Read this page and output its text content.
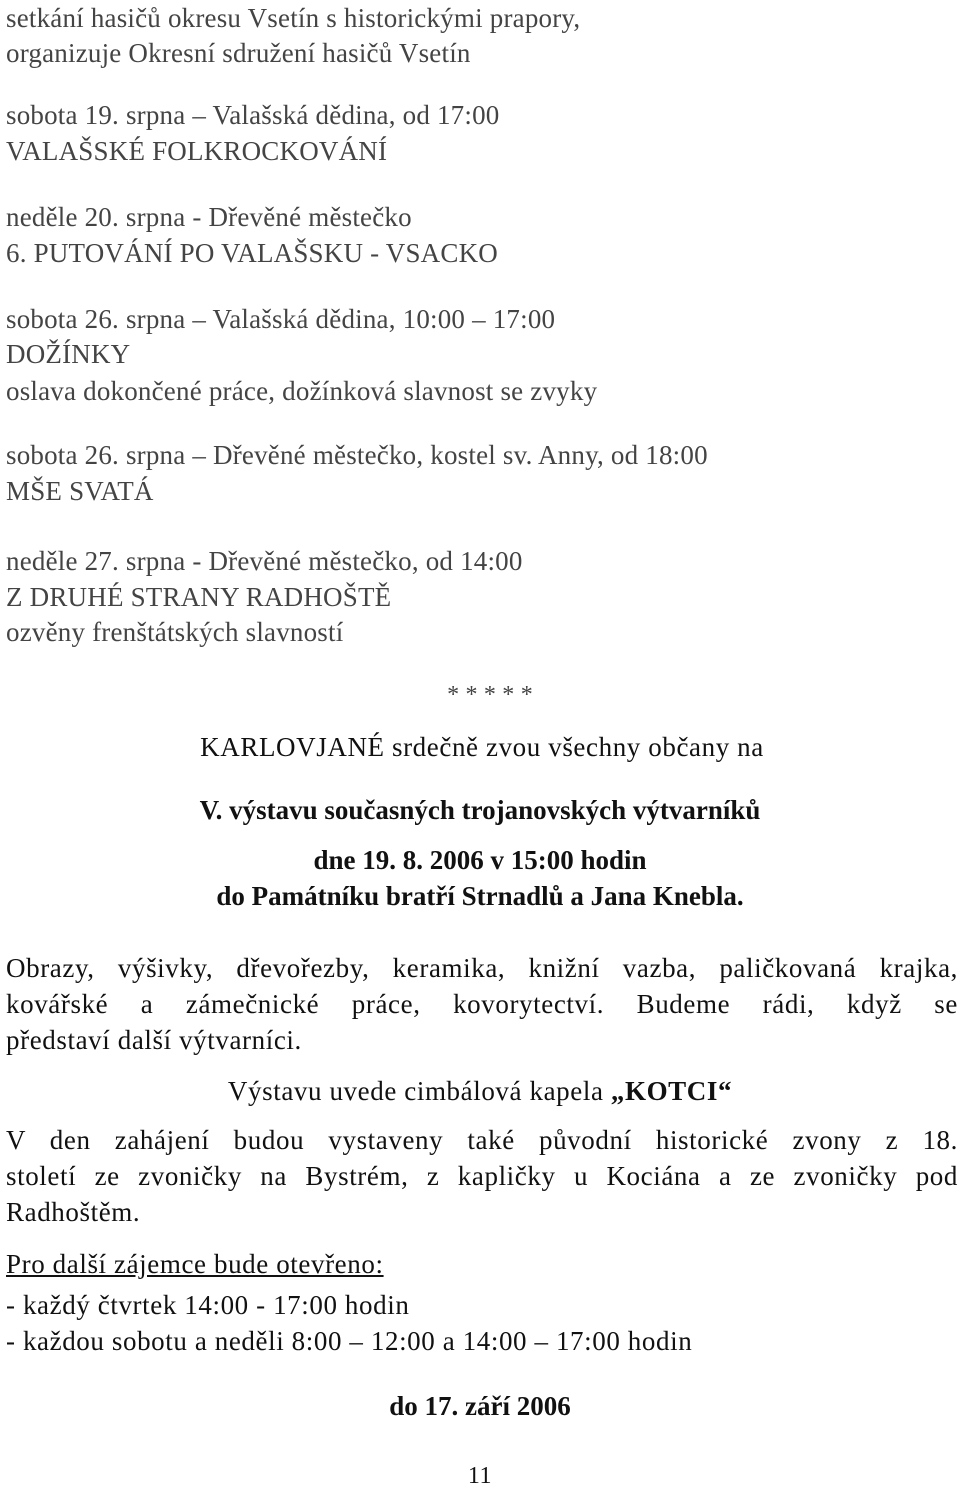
setkání hasičů okresu Vsetín s historickými prapory,
organizuje Okresní sdružení hasičů Vsetín
sobota 19. srpna – Valašská dědina, od 17:00
VALAŠSKÉ FOLKROCKOVÁNÍ
neděle 20. srpna - Dřevěné městečko
6. PUTOVÁNÍ PO VALAŠSKU - VSACKO
sobota 26. srpna – Valašská dědina, 10:00 – 17:00
DOŽÍNKY
oslava dokončené práce, dožínková slavnost se zvyky
sobota 26. srpna – Dřevěné městečko, kostel sv. Anny, od 18:00
MŠE SVATÁ
neděle 27. srpna - Dřevěné městečko, od 14:00
Z DRUHÉ STRANY RADHOŠTĚ
ozvěny frenštátských slavností
* * * * *
KARLOVJANÉ srdečně zvou všechny občany na
V. výstavu současných trojanovských výtvarníků
dne 19. 8. 2006 v 15:00 hodin
do Památníku bratří Strnadlů a Jana Knebla.
Obrazy, výšivky, dřevořezby, keramika, knižní vazba, paličkovaná krajka,
kovářské a zámečnické práce, kovorytectví. Budeme rádi, když se
představí další výtvarníci.
Výstavu uvede cimbálová kapela „KOTCI“
V den zahájení budou vystaveny také původní historické zvony z 18.
století ze zvoničky na Bystrém, z kapličky u Kociána a ze zvoničky pod
Radhoštěm.
Pro další zájemce bude otevřeno:
- každý čtvrtek 14:00 - 17:00 hodin
- každou sobotu a neděli 8:00 – 12:00 a 14:00 – 17:00 hodin
do 17. září 2006
11
